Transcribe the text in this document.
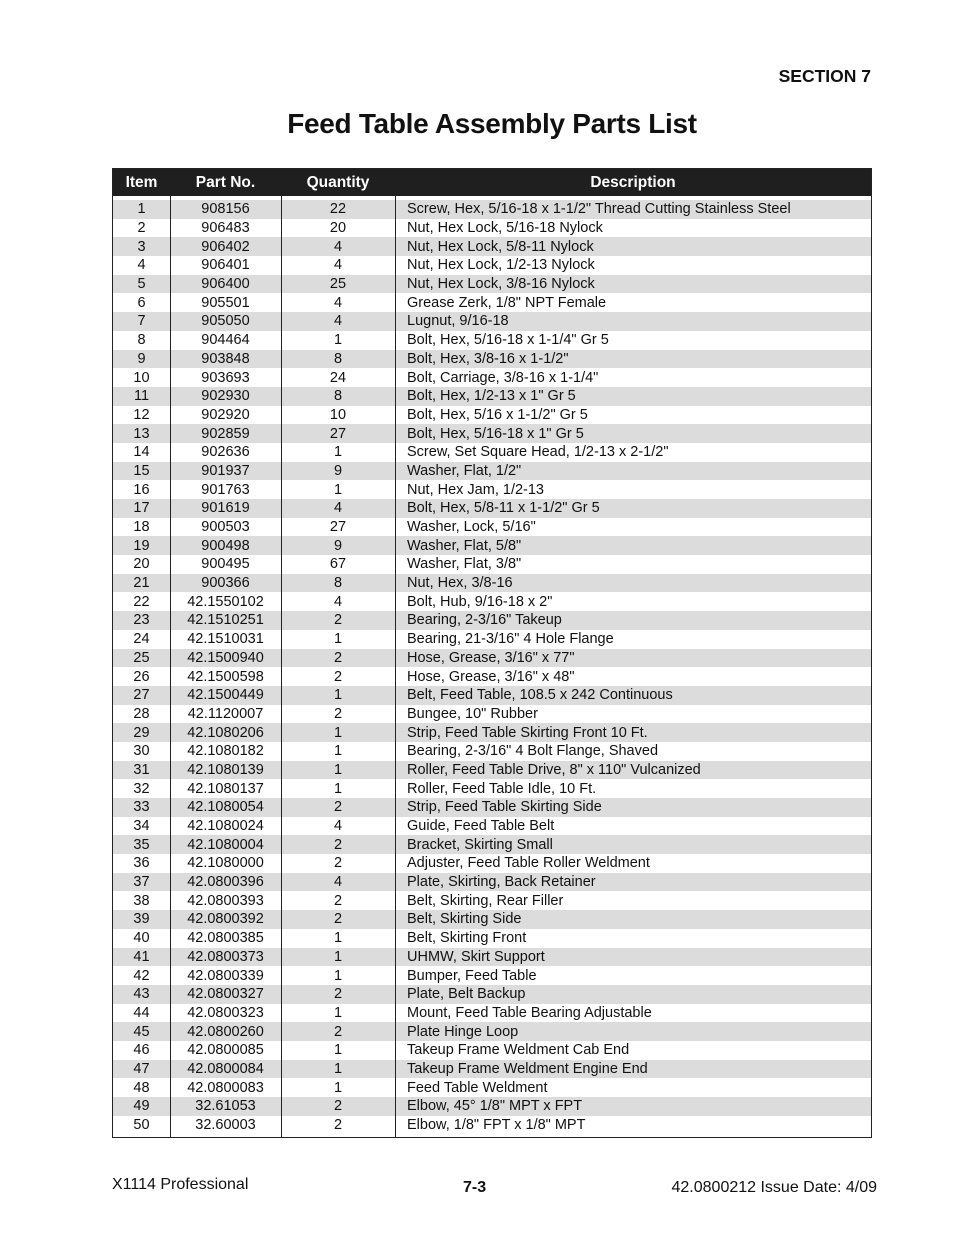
SECTION 7
Feed Table Assembly Parts List
Item	Part No.	Quantity	Description
1	908156	22	Screw, Hex, 5/16-18 x 1-1/2" Thread Cutting Stainless Steel
2	906483	20	Nut, Hex Lock, 5/16-18 Nylock
3	906402	4	Nut, Hex Lock, 5/8-11 Nylock
4	906401	4	Nut, Hex Lock, 1/2-13 Nylock
5	906400	25	Nut, Hex Lock, 3/8-16 Nylock
6	905501	4	Grease Zerk, 1/8" NPT Female
7	905050	4	Lugnut, 9/16-18
8	904464	1	Bolt, Hex, 5/16-18 x 1-1/4" Gr 5
9	903848	8	Bolt, Hex, 3/8-16 x 1-1/2"
10	903693	24	Bolt, Carriage, 3/8-16 x 1-1/4"
11	902930	8	Bolt, Hex, 1/2-13 x 1" Gr 5
12	902920	10	Bolt, Hex, 5/16 x 1-1/2" Gr 5
13	902859	27	Bolt, Hex, 5/16-18 x 1" Gr 5
14	902636	1	Screw, Set Square Head, 1/2-13 x 2-1/2"
15	901937	9	Washer, Flat, 1/2"
16	901763	1	Nut, Hex Jam, 1/2-13
17	901619	4	Bolt, Hex, 5/8-11 x 1-1/2" Gr 5
18	900503	27	Washer, Lock, 5/16"
19	900498	9	Washer, Flat, 5/8"
20	900495	67	Washer, Flat, 3/8"
21	900366	8	Nut, Hex, 3/8-16
22	42.1550102	4	Bolt, Hub, 9/16-18 x 2"
23	42.1510251	2	Bearing, 2-3/16" Takeup
24	42.1510031	1	Bearing, 21-3/16" 4 Hole Flange
25	42.1500940	2	Hose, Grease, 3/16" x 77"
26	42.1500598	2	Hose, Grease, 3/16" x 48"
27	42.1500449	1	Belt, Feed Table, 108.5 x 242 Continuous
28	42.1120007	2	Bungee, 10" Rubber
29	42.1080206	1	Strip, Feed Table Skirting Front 10 Ft.
30	42.1080182	1	Bearing, 2-3/16" 4 Bolt Flange, Shaved
31	42.1080139	1	Roller, Feed Table Drive, 8" x 110" Vulcanized
32	42.1080137	1	Roller, Feed Table Idle, 10 Ft.
33	42.1080054	2	Strip, Feed Table Skirting Side
34	42.1080024	4	Guide, Feed Table Belt
35	42.1080004	2	Bracket, Skirting Small
36	42.1080000	2	Adjuster, Feed Table Roller Weldment
37	42.0800396	4	Plate, Skirting, Back Retainer
38	42.0800393	2	Belt, Skirting, Rear Filler
39	42.0800392	2	Belt, Skirting Side
40	42.0800385	1	Belt, Skirting Front
41	42.0800373	1	UHMW, Skirt Support
42	42.0800339	1	Bumper, Feed Table
43	42.0800327	2	Plate, Belt Backup
44	42.0800323	1	Mount, Feed Table Bearing Adjustable
45	42.0800260	2	Plate Hinge Loop
46	42.0800085	1	Takeup Frame Weldment Cab End
47	42.0800084	1	Takeup Frame Weldment Engine End
48	42.0800083	1	Feed Table Weldment
49	32.61053	2	Elbow, 45° 1/8" MPT x FPT
50	32.60003	2	Elbow, 1/8" FPT x 1/8" MPT
X1114 Professional	7-3	42.0800212 Issue Date: 4/09
